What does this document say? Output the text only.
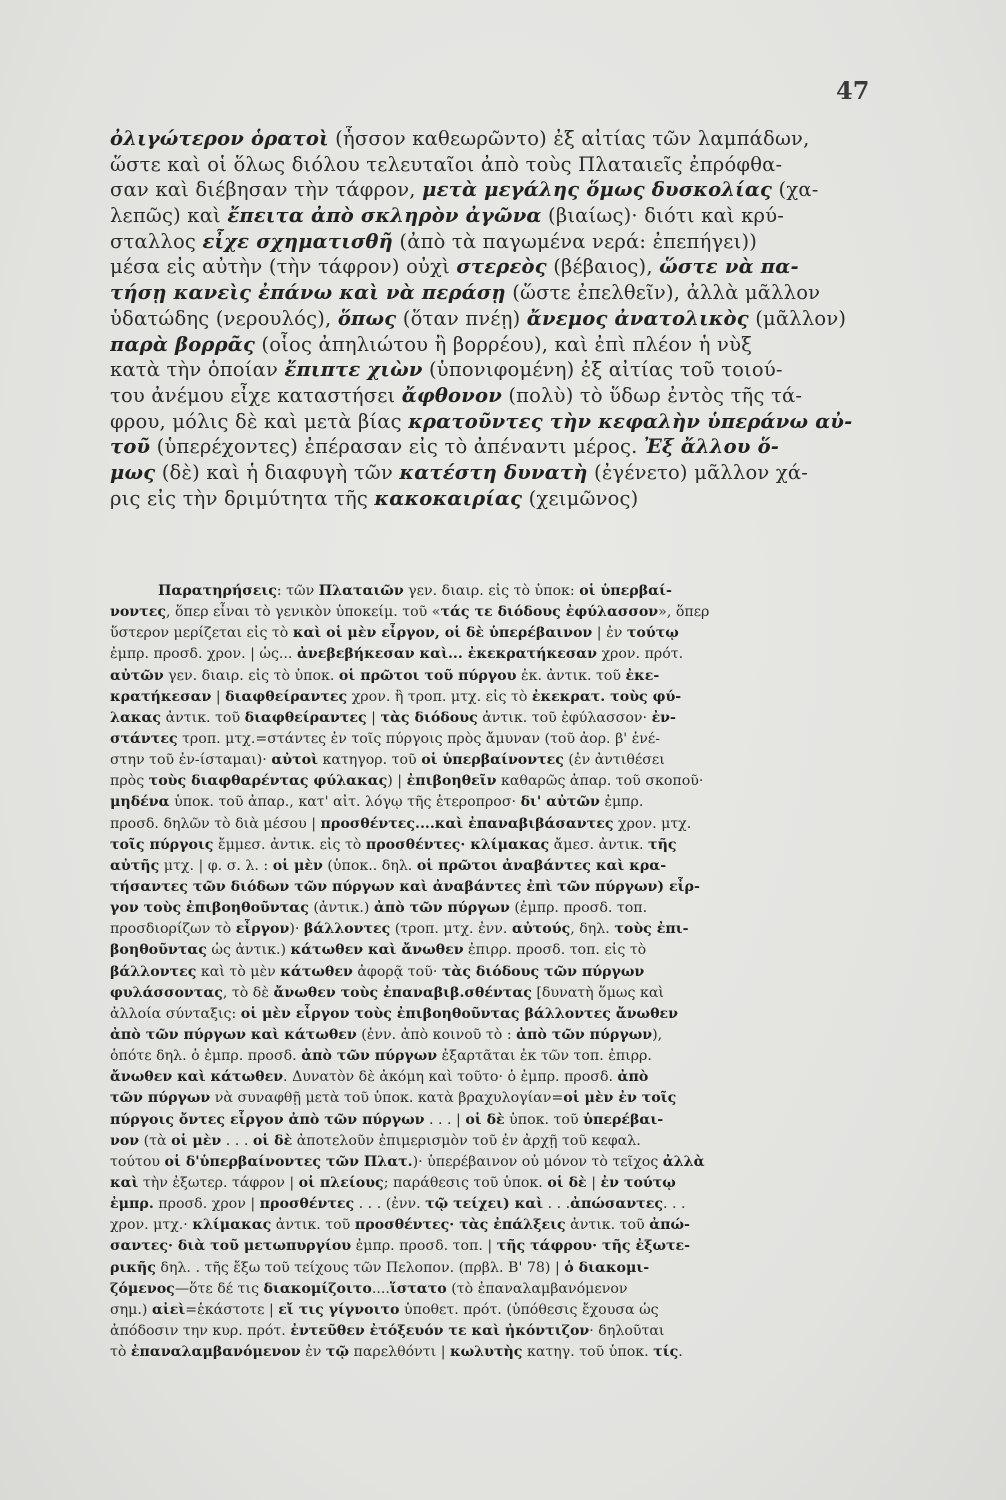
47
ὀλιγώτερον ὁρατοὶ (ἧσσον καθεωρῶντο) ἐξ αἰτίας τῶν λαμπάδων,
ὥστε καὶ οἱ ὅλως διόλου τελευταῖοι ἀπὸ τοὺς Πλαταιεῖς ἐπρόφθα-
σαν καὶ διέβησαν τὴν τάφρον, μετὰ μεγάλης ὅμως δυσκολίας (χα-
λεπῶς) καὶ ἔπειτα ἀπὸ σκληρὸν ἀγῶνα (βιαίως)· διότι καὶ κρύ-
σταλλος εἶχε σχηματισθῆ (ἀπὸ τὰ παγωμένα νερά: ἐπεπήγει))
μέσα εἰς αὐτὴν (τὴν τάφρον) οὐχὶ στερεὸς (βέβαιος), ὥστε νὰ πα-
τήσῃ κανεὶς ἐπάνω καὶ νὰ περάσῃ (ὥστε ἐπελθεῖν), ἀλλὰ μᾶλλον
ὑδατώδης (νερουλός), ὅπως (ὅταν πνέῃ) ἄνεμος ἀνατολικὸς (μᾶλλον)
παρὰ βορρᾶς (οἷος ἀπηλιώτου ἢ βορρέου), καὶ ἐπὶ πλέον ἡ νὺξ
κατὰ τὴν ὁποίαν ἔπιπτε χιὼν (ὑπονιφομένη) ἐξ αἰτίας τοῦ τοιού-
του ἀνέμου εἶχε καταστήσει ἄφθονον (πολὺ) τὸ ὕδωρ ἐντὸς τῆς τά-
φρου, μόλις δὲ καὶ μετὰ βίας κρατοῦντες τὴν κεφαλὴν ὑπεράνω αὐ-
τοῦ (ὑπερέχοντες) ἐπέρασαν εἰς τὸ ἀπέναντι μέρος. Ἐξ ἄλλου ὅ-
μως (δὲ) καὶ ἡ διαφυγὴ τῶν κατέστη δυνατὴ (ἐγένετο) μᾶλλον χά-
ρις εἰς τὴν δριμύτητα τῆς κακοκαιρίας (χειμῶνος)
Παρατηρήσεις: τῶν Πλαταιῶν γεν. διαιρ. εἰς τὸ ὑποκ: οἱ ὑπερβαί-
νοντες, ὅπερ εἶναι τὸ γενικὸν ὑποκείμ. τοῦ «τάς τε διόδους ἐφύλασσον», ὅπερ
ὕστερον μερίζεται εἰς τὸ καὶ οἱ μὲν εἶργον, οἱ δὲ ὑπερέβαινον | ἐν τούτῳ
ἐμπρ. προσδ. χρον. | ὡς... ἀνεβεβήκεσαν καὶ... ἐκεκρατήκεσαν χρον. πρότ.
αὐτῶν γεν. διαιρ. εἰς τὸ ὑποκ. οἱ πρῶτοι τοῦ πύργου ἐκ. ἀντικ. τοῦ ἐκε-
κρατήκεσαν | διαφθείραντες χρον. ἢ τροπ. μτχ. εἰς τὸ ἐκεκρατ. τοὺς φύ-
λακας ἀντικ. τοῦ διαφθείραντες | τὰς διόδους ἀντικ. τοῦ ἐφύλασσον· ἐν-
στάντες τροπ. μτχ.=στάντες ἐν τοῖς πύργοις πρὸς ἄμυναν (τοῦ ἀορ. β' ἐνέ-
στην τοῦ ἐν-ίσταμαι)· αὐτοὶ κατηγορ. τοῦ οἱ ὑπερβαίνοντες (ἐν ἀντιθέσει
πρὸς τοὺς διαφθαρέντας φύλακας) | ἐπιβοηθεῖν καθαρῶς ἀπαρ. τοῦ σκοποῦ·
μηδένα ὑποκ. τοῦ ἀπαρ., κατ' αἰτ. λόγῳ τῆς ἑτεροπροσ· δι' αὐτῶν ἐμπρ.
προσδ. δηλῶν τὸ διὰ μέσου | προσθέντες....καὶ ἐπαναβιβάσαντες χρον. μτχ.
τοῖς πύργοις ἔμμεσ. ἀντικ. εἰς τὸ προσθέντες· κλίμακας ἄμεσ. ἀντικ. τῆς
αὐτῆς μτχ. | φ. σ. λ. : οἱ μὲν (ὑποκ.. δηλ. οἱ πρῶτοι ἀναβάντες καὶ κρα-
τήσαντες τῶν διόδων τῶν πύργων καὶ ἀναβάντες ἐπὶ τῶν πύργων) εἶρ-
γον τοὺς ἐπιβοηθοῦντας (ἀντικ.) ἀπὸ τῶν πύργων (ἐμπρ. προσδ. τοπ.
προσδιορίζων τὸ εἶργον)· βάλλοντες (τροπ. μτχ. ἐνν. αὐτούς, δηλ. τοὺς ἐπι-
βοηθοῦντας ὡς ἀντικ.) κάτωθεν καὶ ἄνωθεν ἐπιρρ. προσδ. τοπ. εἰς τὸ
βάλλοντες καὶ τὸ μὲν κάτωθεν ἀφορᾷ τοῦ· τὰς διόδους τῶν πύργων
φυλάσσοντας, τὸ δὲ ἄνωθεν τοὺς ἐπαναβιβ.σθέντας [δυνατὴ ὅμως καὶ
ἀλλοία σύνταξις: οἱ μὲν εἶργον τοὺς ἐπιβοηθοῦντας βάλλοντες ἄνωθεν
ἀπὸ τῶν πύργων καὶ κάτωθεν (ἐνν. ἀπὸ κοινοῦ τὸ : ἀπὸ τῶν πύργων),
ὁπότε δηλ. ὁ ἐμπρ. προσδ. ἀπὸ τῶν πύργων ἐξαρτᾶται ἐκ τῶν τοπ. ἐπιρρ.
ἄνωθεν καὶ κάτωθεν. Δυνατὸν δὲ ἀκόμη καὶ τοῦτο· ὁ ἐμπρ. προσδ. ἀπὸ
τῶν πύργων νὰ συναφθῇ μετὰ τοῦ ὑποκ. κατὰ βραχυλογίαν=οἱ μὲν ἐν τοῖς
πύργοις ὄντες εἶργον ἀπὸ τῶν πύργων . . . | οἱ δὲ ὑποκ. τοῦ ὑπερέβαι-
νον (τὰ οἱ μὲν . . . οἱ δὲ ἀποτελοῦν ἐπιμερισμὸν τοῦ ἐν ἀρχῇ τοῦ κεφαλ.
τούτου οἱ δ'ὑπερβαίνοντες τῶν Πλατ.)· ὑπερέβαινον οὐ μόνον τὸ τεῖχος ἀλλὰ
καὶ τὴν ἐξωτερ. τάφρον | οἱ πλείους; παράθεσις τοῦ ὑποκ. οἱ δὲ | ἐν τούτῳ
ἐμπρ. προσδ. χρον | προσθέντες . . . (ἐνν. τῷ τείχει) καὶ . . .ἀπώσαντες. . .
χρον. μτχ.· κλίμακας ἀντικ. τοῦ προσθέντες· τὰς ἐπάλξεις ἀντικ. τοῦ ἀπώ-
σαντες· διὰ τοῦ μετωπυργίου ἐμπρ. προσδ. τοπ. | τῆς τάφρου· τῆς ἐξωτε-
ρικῆς δηλ. . τῆς ἔξω τοῦ τείχους τῶν Πελοπον. (πρβλ. Β' 78) | ὁ διακομι-
ζόμενος—ὅτε δέ τις διακομίζοιτο....ἵστατο (τὸ ἐπαναλαμβανόμενον
σημ.) αἰεὶ=ἑκάστοτε | εἴ τις γίγνοιτο ὑποθετ. πρότ. (ὑπόθεσις ἔχουσα ὡς
ἀπόδοσιν την κυρ. πρότ. ἐντεῦθεν ἐτόξευόν τε καὶ ἠκόντιζον· δηλοῦται
τὸ ἐπαναλαμβανόμενον ἐν τῷ παρελθόντι | κωλυτὴς κατηγ. τοῦ ὑποκ. τίς.
